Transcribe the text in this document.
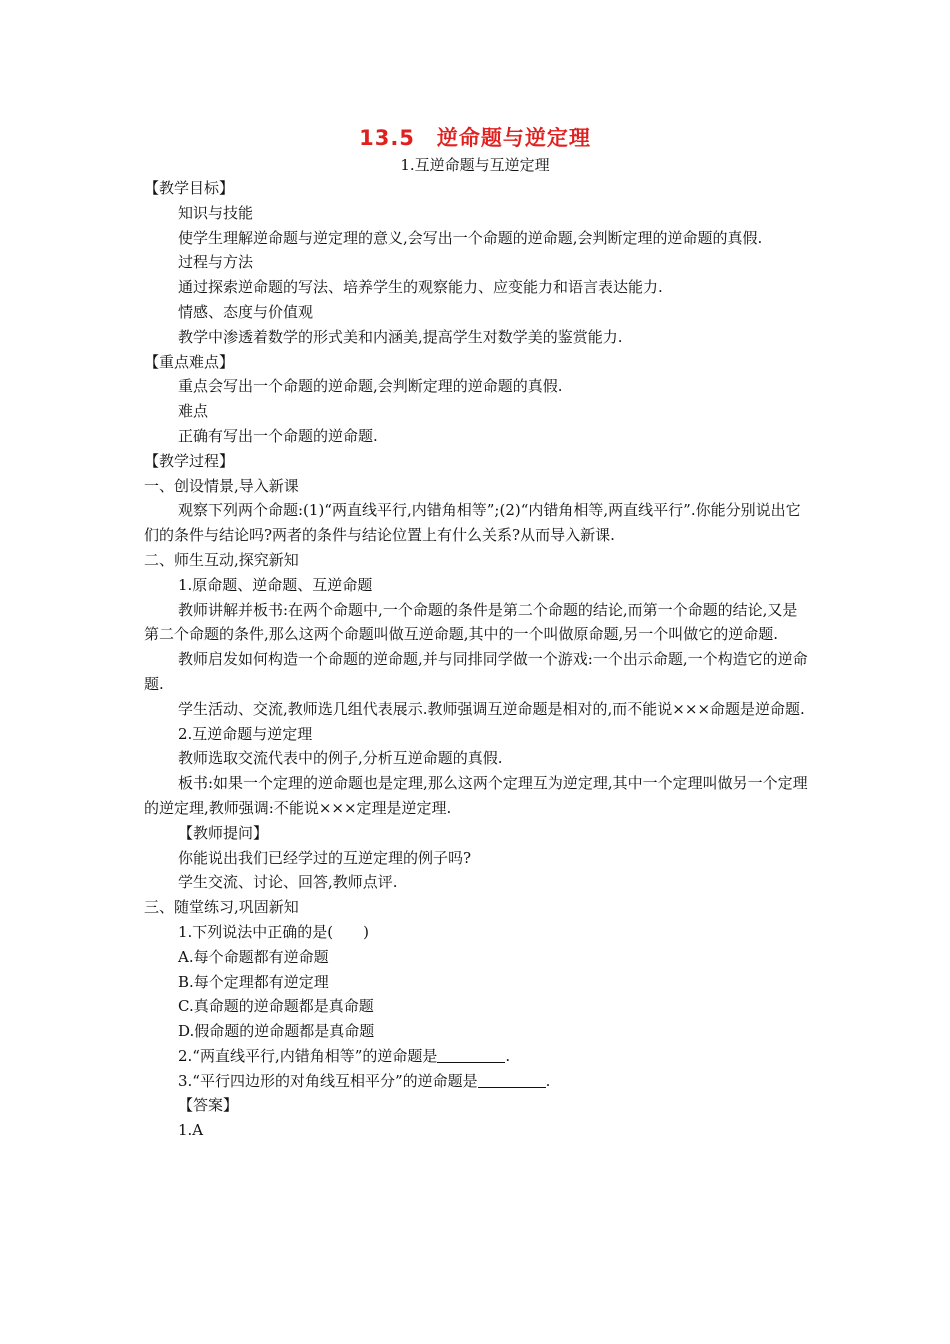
13.5　逆命题与逆定理
1.互逆命题与互逆定理

【教学目标】

知识与技能

使学生理解逆命题与逆定理的意义,会写出一个命题的逆命题,会判断定理的逆命题的真假.

过程与方法

通过探索逆命题的写法、培养学生的观察能力、应变能力和语言表达能力.

情感、态度与价值观

教学中渗透着数学的形式美和内涵美,提高学生对数学美的鉴赏能力.

【重点难点】

重点会写出一个命题的逆命题,会判断定理的逆命题的真假.

难点

正确有写出一个命题的逆命题.

【教学过程】

一、创设情景,导入新课

观察下列两个命题:(1)“两直线平行,内错角相等”;(2)“内错角相等,两直线平行”.你能分别说出它们的条件与结论吗?两者的条件与结论位置上有什么关系?从而导入新课.

二、师生互动,探究新知

1.原命题、逆命题、互逆命题

教师讲解并板书:在两个命题中,一个命题的条件是第二个命题的结论,而第一个命题的结论,又是第二个命题的条件,那么这两个命题叫做互逆命题,其中的一个叫做原命题,另一个叫做它的逆命题.

教师启发如何构造一个命题的逆命题,并与同排同学做一个游戏:一个出示命题,一个构造它的逆命题.

学生活动、交流,教师选几组代表展示.教师强调互逆命题是相对的,而不能说×××命题是逆命题.

2.互逆命题与逆定理

教师选取交流代表中的例子,分析互逆命题的真假.

板书:如果一个定理的逆命题也是定理,那么这两个定理互为逆定理,其中一个定理叫做另一个定理的逆定理,教师强调:不能说×××定理是逆定理.

【教师提问】

你能说出我们已经学过的互逆定理的例子吗?

学生交流、讨论、回答,教师点评.

三、随堂练习,巩固新知

1.下列说法中正确的是(　　)

A.每个命题都有逆命题

B.每个定理都有逆定理

C.真命题的逆命题都是真命题

D.假命题的逆命题都是真命题

2.“两直线平行,内错角相等”的逆命题是	.

3.“平行四边形的对角线互相平分”的逆命题是	.

【答案】

1.A
